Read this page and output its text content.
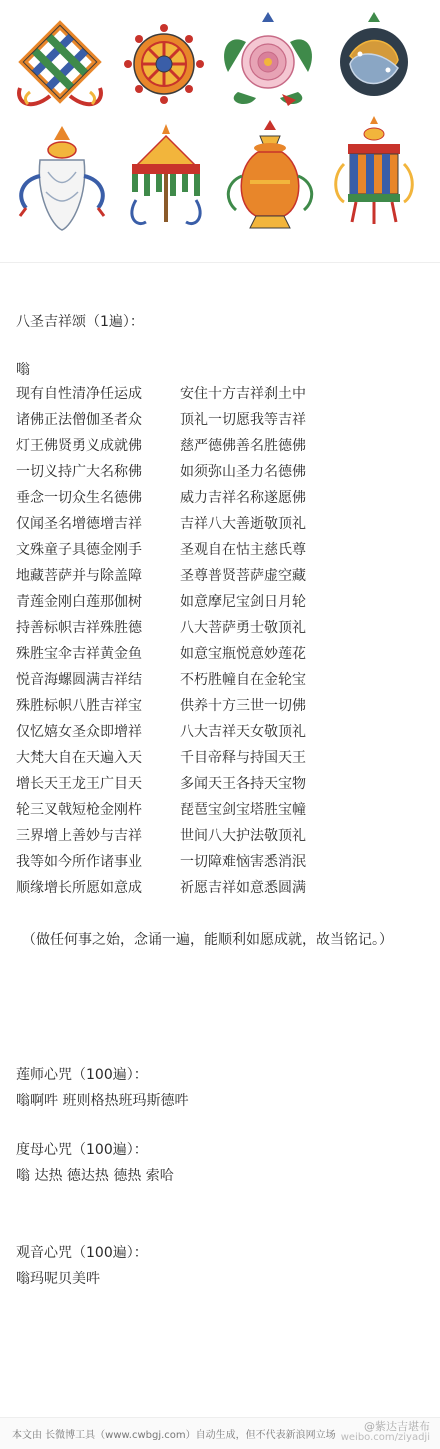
八圣吉祥颂（1遍）：
嗡
现有自性清净任运成	安住十方吉祥刹土中
诸佛正法僧伽圣者众	顶礼一切愿我等吉祥
灯王佛贤勇义成就佛	慈严德佛善名胜德佛
一切义持广大名称佛	如须弥山圣力名德佛
垂念一切众生名德佛	威力吉祥名称遂愿佛
仅闻圣名增德增吉祥	吉祥八大善逝敬顶礼
文殊童子具德金刚手	圣观自在怙主慈氏尊
地藏菩萨并与除盖障	圣尊普贤菩萨虚空藏
青莲金刚白莲那伽树	如意摩尼宝剑日月轮
持善标帜吉祥殊胜德	八大菩萨勇士敬顶礼
殊胜宝伞吉祥黄金鱼	如意宝瓶悦意妙莲花
悦音海螺圆满吉祥结	不朽胜幢自在金轮宝
殊胜标帜八胜吉祥宝	供养十方三世一切佛
仅忆嬉女圣众即增祥	八大吉祥天女敬顶礼
大梵大自在天遍入天	千目帝释与持国天王
增长天王龙王广目天	多闻天王各持天宝物
轮三叉戟短枪金刚杵	琵琶宝剑宝塔胜宝幢
三界增上善妙与吉祥	世间八大护法敬顶礼
我等如今所作诸事业	一切障难恼害悉消泯
顺缘增长所愿如意成	祈愿吉祥如意悉圆满
（做任何事之始，念诵一遍，能顺利如愿成就，故当铭记。）
莲师心咒（100遍）：
嗡啊吽 班则格热班玛斯德吽
度母心咒（100遍）：
嗡 达热 德达热 德热 索哈
观音心咒（100遍）：
嗡玛呢贝美吽
本文由 长微博工具（www.cwbgj.com）自动生成，但不代表新浪网立场
@紫达吉堪布
weibo.com/ziyadji
